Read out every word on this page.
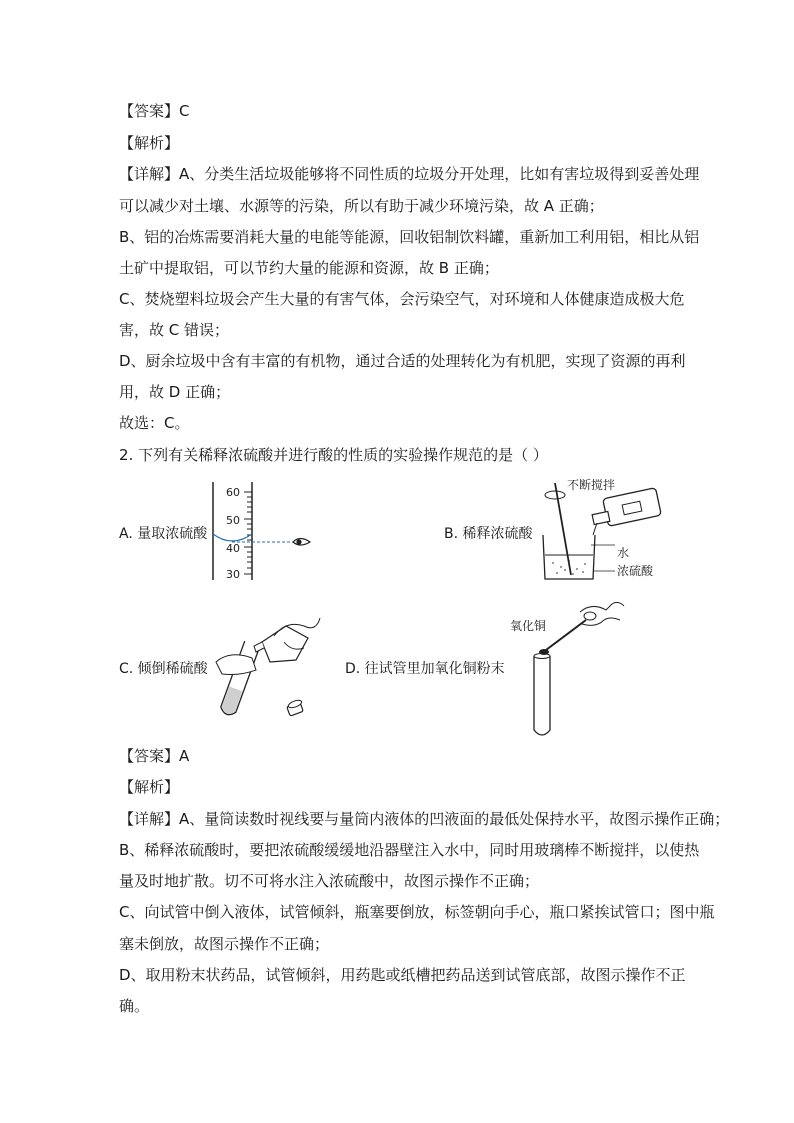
【答案】C
【解析】
【详解】A、分类生活垃圾能够将不同性质的垃圾分开处理，比如有害垃圾得到妥善处理
可以减少对土壤、水源等的污染，所以有助于减少环境污染，故 A 正确；
B、铝的冶炼需要消耗大量的电能等能源，回收铝制饮料罐，重新加工利用铝，相比从铝
土矿中提取铝，可以节约大量的能源和资源，故 B 正确；
C、焚烧塑料垃圾会产生大量的有害气体，会污染空气，对环境和人体健康造成极大危
害，故 C 错误；
D、厨余垃圾中含有丰富的有机物，通过合适的处理转化为有机肥，实现了资源的再利
用，故 D 正确；
故选：C。
2. 下列有关稀释浓硫酸并进行酸的性质的实验操作规范的是（ ）
A. 量取浓硫酸
60
50
40
30
B. 稀释浓硫酸
不断搅拌
水
浓硫酸
C. 倾倒稀硫酸	D. 往试管里加氧化铜粉末
氧化铜
【答案】A
【解析】
【详解】A、量筒读数时视线要与量筒内液体的凹液面的最低处保持水平，故图示操作正确；
B、稀释浓硫酸时，要把浓硫酸缓缓地沿器壁注入水中，同时用玻璃棒不断搅拌，以使热
量及时地扩散。切不可将水注入浓硫酸中，故图示操作不正确；
C、向试管中倒入液体，试管倾斜，瓶塞要倒放，标签朝向手心，瓶口紧挨试管口；图中瓶
塞未倒放，故图示操作不正确；
D、取用粉末状药品，试管倾斜，用药匙或纸槽把药品送到试管底部，故图示操作不正
确。
